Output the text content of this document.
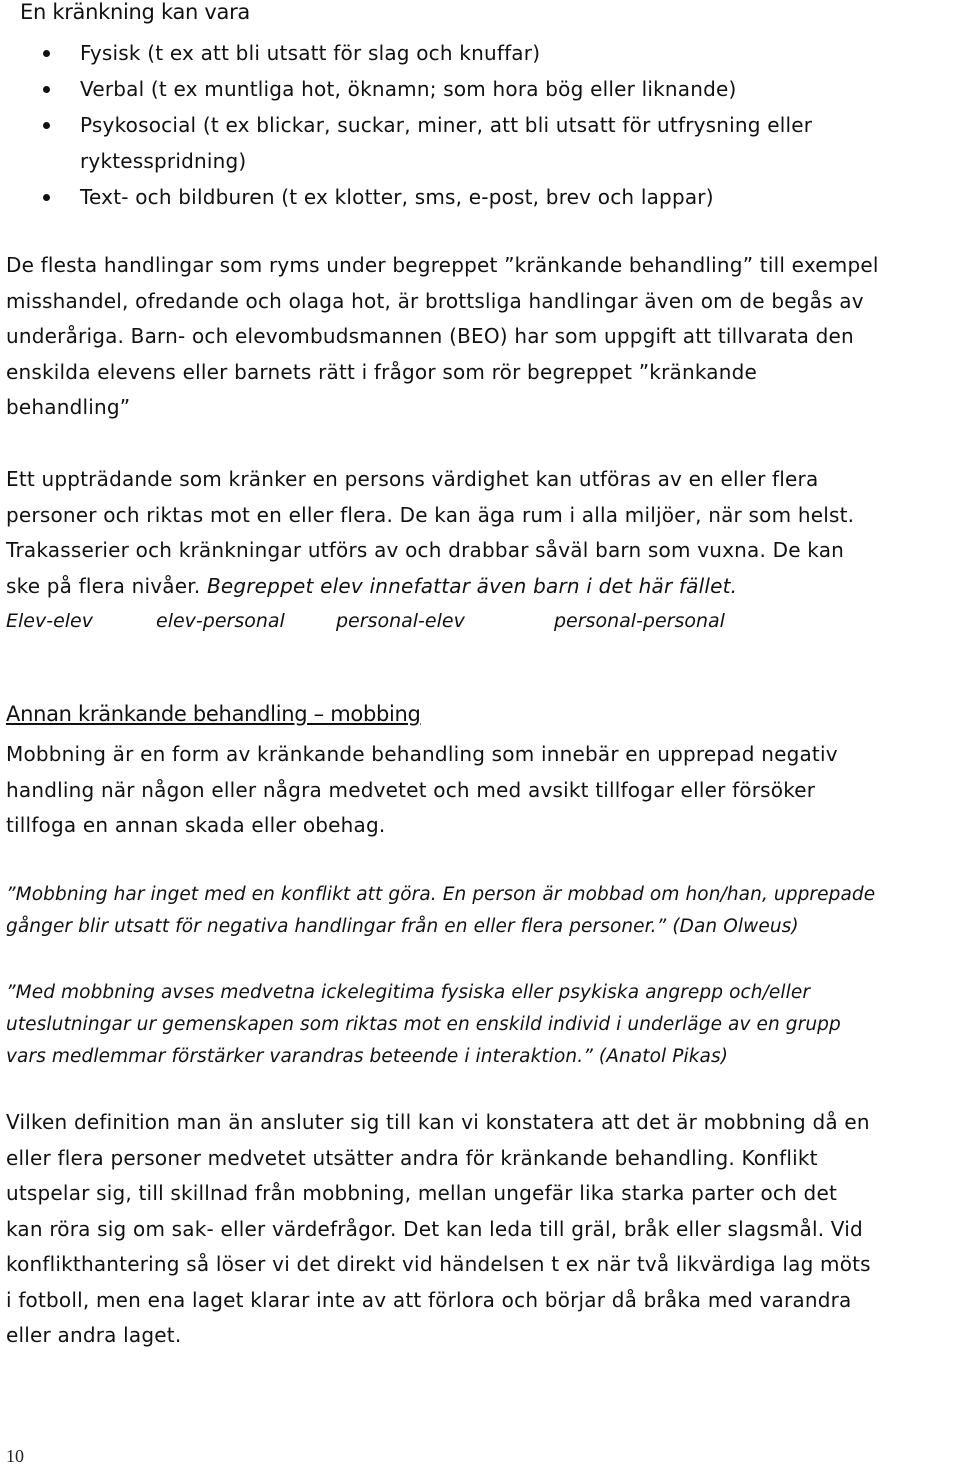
En kränkning kan vara
Fysisk (t ex att bli utsatt för slag och knuffar)
Verbal (t ex muntliga hot, öknamn; som hora bög eller liknande)
Psykosocial (t ex blickar, suckar, miner, att bli utsatt för utfrysning eller
ryktesspridning)
Text- och bildburen (t ex klotter, sms, e-post, brev och lappar)

De flesta handlingar som ryms under begreppet ”kränkande behandling” till exempel
misshandel, ofredande och olaga hot, är brottsliga handlingar även om de begås av
underåriga. Barn- och elevombudsmannen (BEO) har som uppgift att tillvarata den
enskilda elevens eller barnets rätt i frågor som rör begreppet ”kränkande
behandling”

Ett uppträdande som kränker en persons värdighet kan utföras av en eller flera
personer och riktas mot en eller flera. De kan äga rum i alla miljöer, när som helst.
Trakasserier och kränkningar utförs av och drabbar såväl barn som vuxna. De kan
ske på flera nivåer. Begreppet elev innefattar även barn i det här fället.

Elev-elev	elev-personal	personal-elev	personal-personal
Annan kränkande behandling – mobbing

Mobbning är en form av kränkande behandling som innebär en upprepad negativ
handling när någon eller några medvetet och med avsikt tillfogar eller försöker
tillfoga en annan skada eller obehag.

”Mobbning har inget med en konflikt att göra. En person är mobbad om hon/han, upprepade
gånger blir utsatt för negativa handlingar från en eller flera personer.” (Dan Olweus)

”Med mobbning avses medvetna ickelegitima fysiska eller psykiska angrepp och/eller
uteslutningar ur gemenskapen som riktas mot en enskild individ i underläge av en grupp
vars medlemmar förstärker varandras beteende i interaktion.” (Anatol Pikas)

Vilken definition man än ansluter sig till kan vi konstatera att det är mobbning då en
eller flera personer medvetet utsätter andra för kränkande behandling. Konflikt
utspelar sig, till skillnad från mobbning, mellan ungefär lika starka parter och det
kan röra sig om sak- eller värdefrågor. Det kan leda till gräl, bråk eller slagsmål. Vid
konflikthantering så löser vi det direkt vid händelsen t ex när två likvärdiga lag möts
i fotboll, men ena laget klarar inte av att förlora och börjar då bråka med varandra
eller andra laget.

10
